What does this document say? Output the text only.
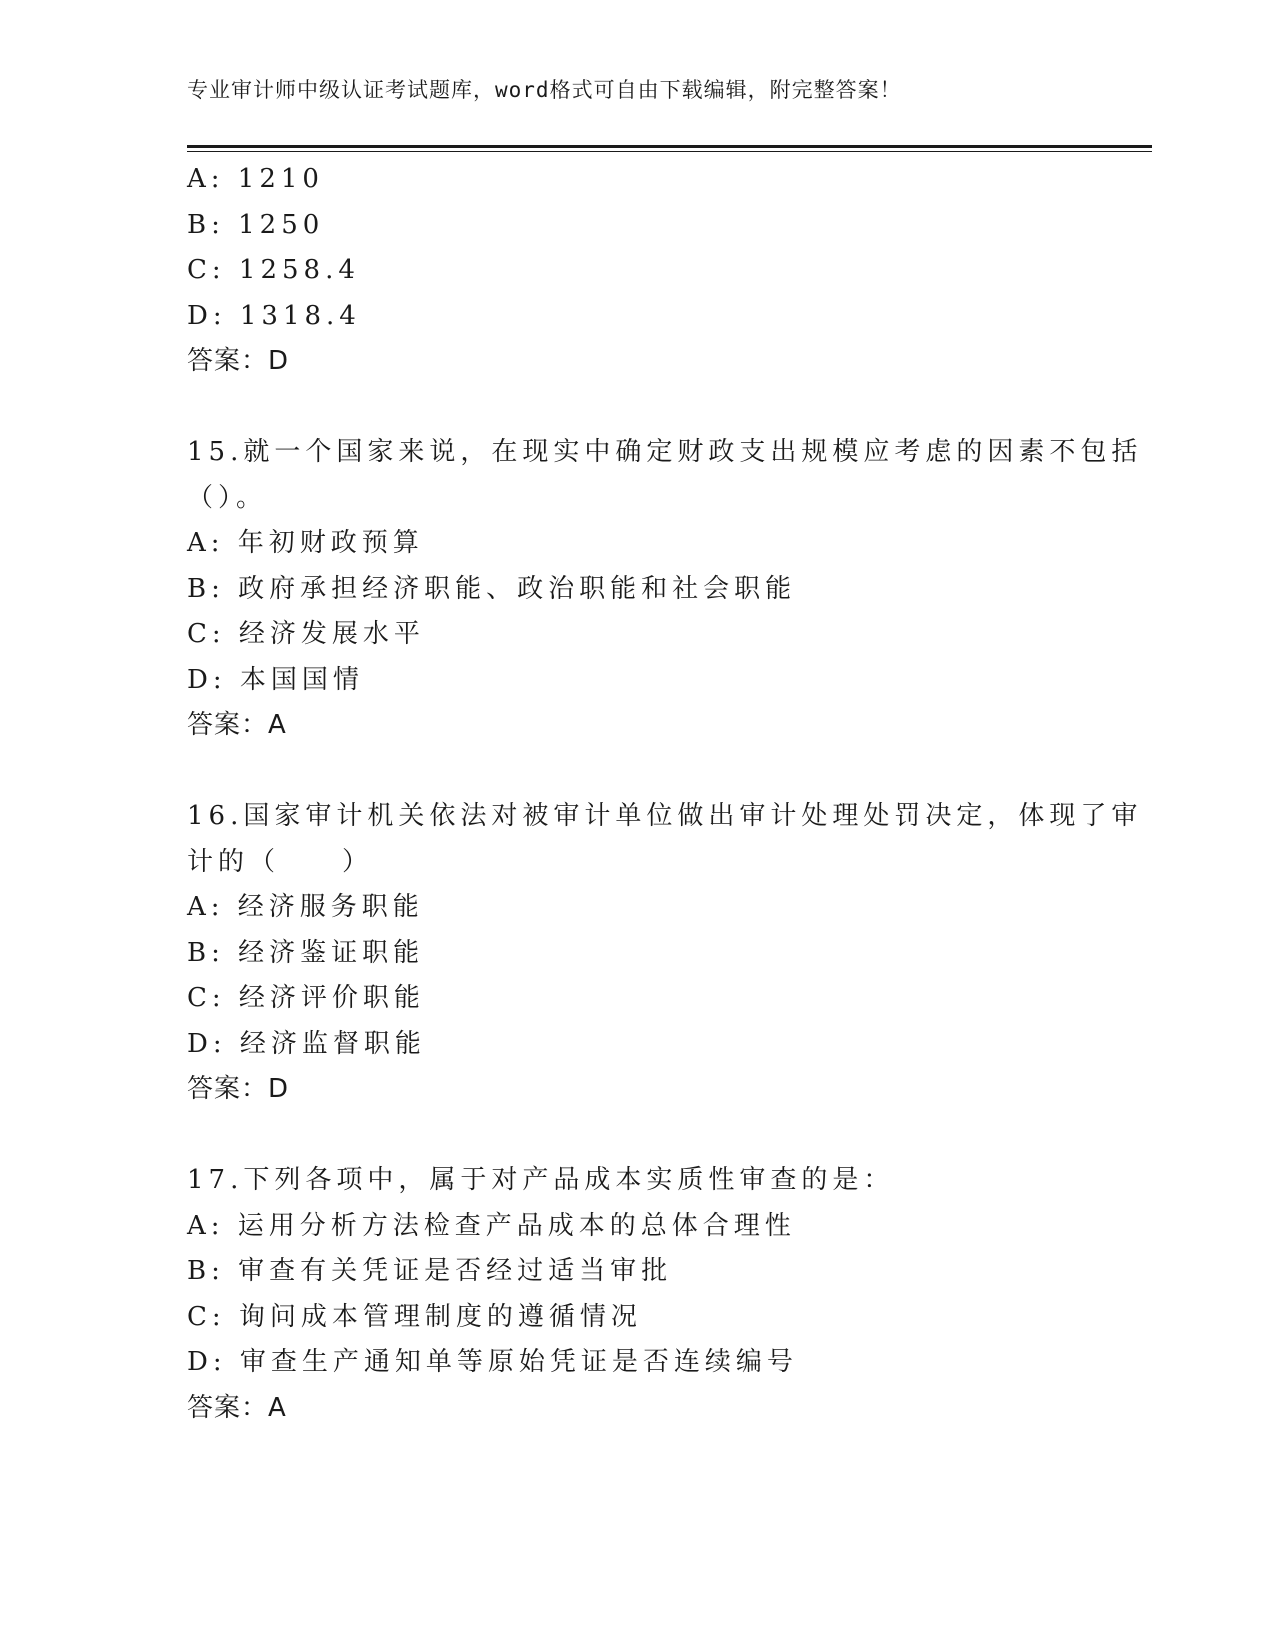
专业审计师中级认证考试题库，word格式可自由下载编辑，附完整答案！
A: 1210
B: 1250
C: 1258.4
D: 1318.4
答案：D
15.就一个国家来说，在现实中确定财政支出规模应考虑的因素不包括
（）。
A: 年初财政预算
B: 政府承担经济职能、政治职能和社会职能
C: 经济发展水平
D: 本国国情
答案：A
16.国家审计机关依法对被审计单位做出审计处理处罚决定，体现了审
计的（　　）
A: 经济服务职能
B: 经济鉴证职能
C: 经济评价职能
D: 经济监督职能
答案：D
17.下列各项中，属于对产品成本实质性审查的是：
A: 运用分析方法检查产品成本的总体合理性
B: 审查有关凭证是否经过适当审批
C: 询问成本管理制度的遵循情况
D: 审查生产通知单等原始凭证是否连续编号
答案：A
